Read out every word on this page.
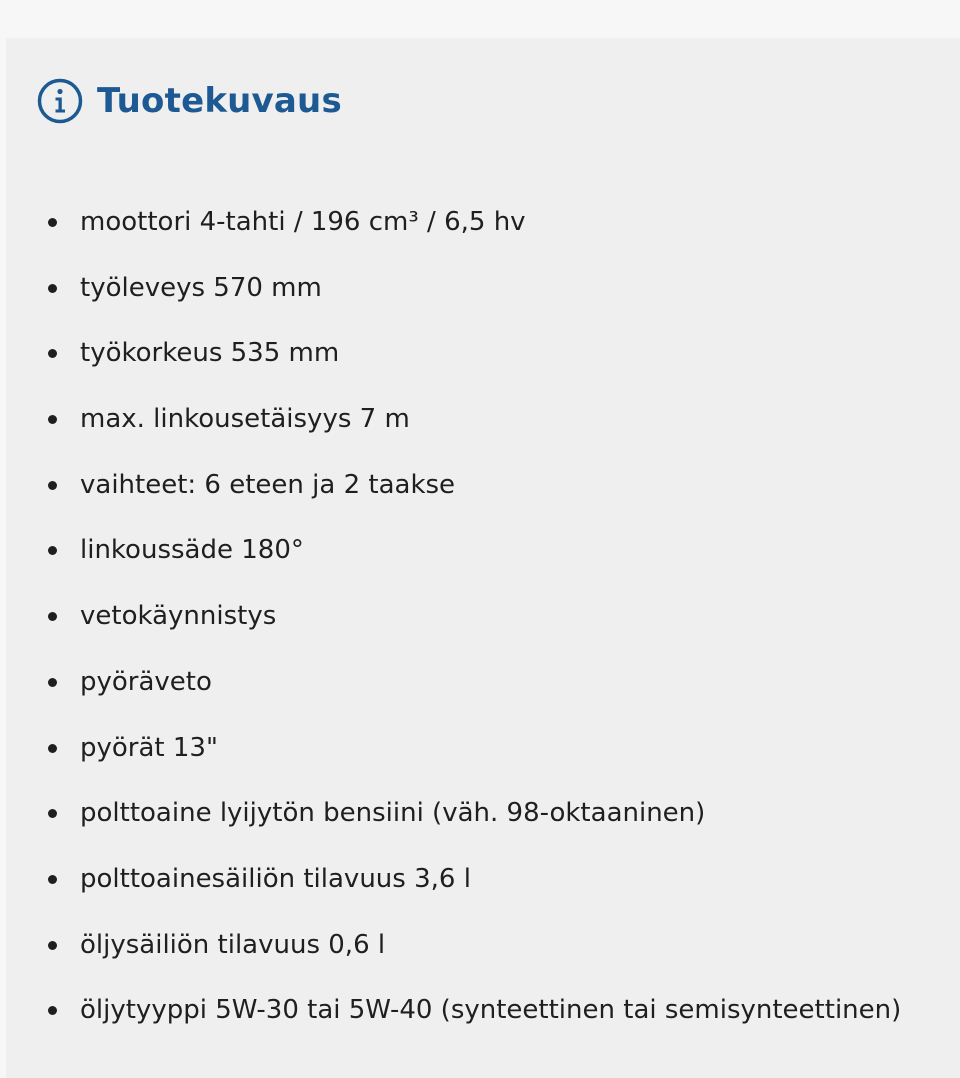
Tuotekuvaus
moottori 4-tahti / 196 cm³ / 6,5 hv
työleveys 570 mm
työkorkeus 535 mm
max. linkousetäisyys 7 m
vaihteet: 6 eteen ja 2 taakse
linkoussäde 180°
vetokäynnistys
pyöräveto
pyörät 13"
polttoaine lyijytön bensiini (väh. 98-oktaaninen)
polttoainesäiliön tilavuus 3,6 l
öljysäiliön tilavuus 0,6 l
öljytyyppi 5W-30 tai 5W-40 (synteettinen tai semisynteettinen)
